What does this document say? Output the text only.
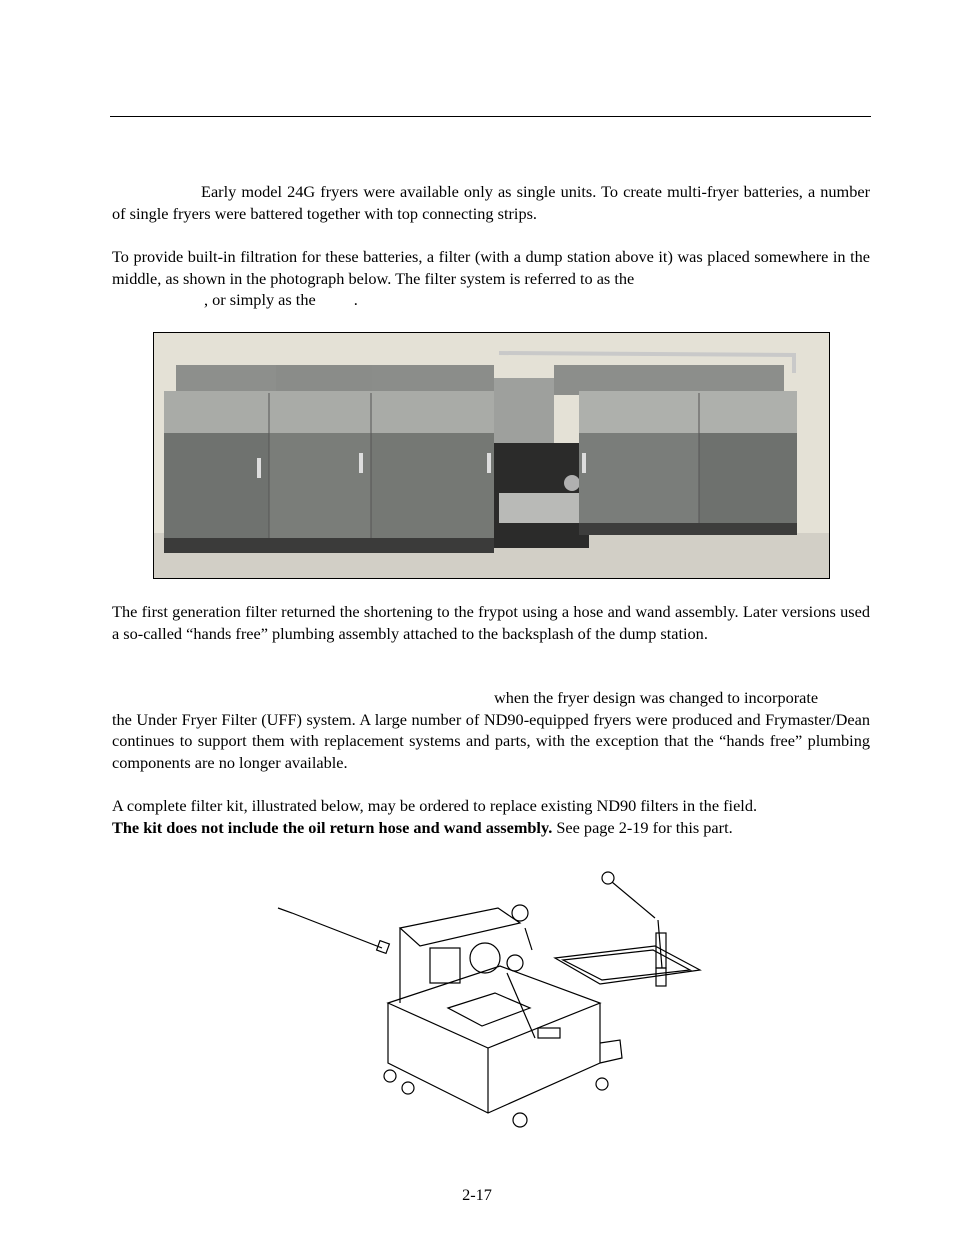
Early model 24G fryers were available only as single units. To create multi-fryer batteries, a number of single fryers were battered together with top connecting strips.

To provide built-in filtration for these batteries, a filter (with a dump station above it) was placed somewhere in the middle, as shown in the photograph below. The filter system is referred to as the
, or simply as the .

The first generation filter returned the shortening to the frypot using a hose and wand assembly. Later versions used a so-called “hands free” plumbing assembly attached to the backsplash of the dump station.

when the fryer design was changed to incorporate
the Under Fryer Filter (UFF) system. A large number of ND90-equipped fryers were produced and Frymaster/Dean continues to support them with replacement systems and parts, with the exception that the “hands free” plumbing components are no longer available.

A complete filter kit, illustrated below, may be ordered to replace existing ND90 filters in the field.
The kit does not include the oil return hose and wand assembly. See page 2-19 for this part.

2-17
